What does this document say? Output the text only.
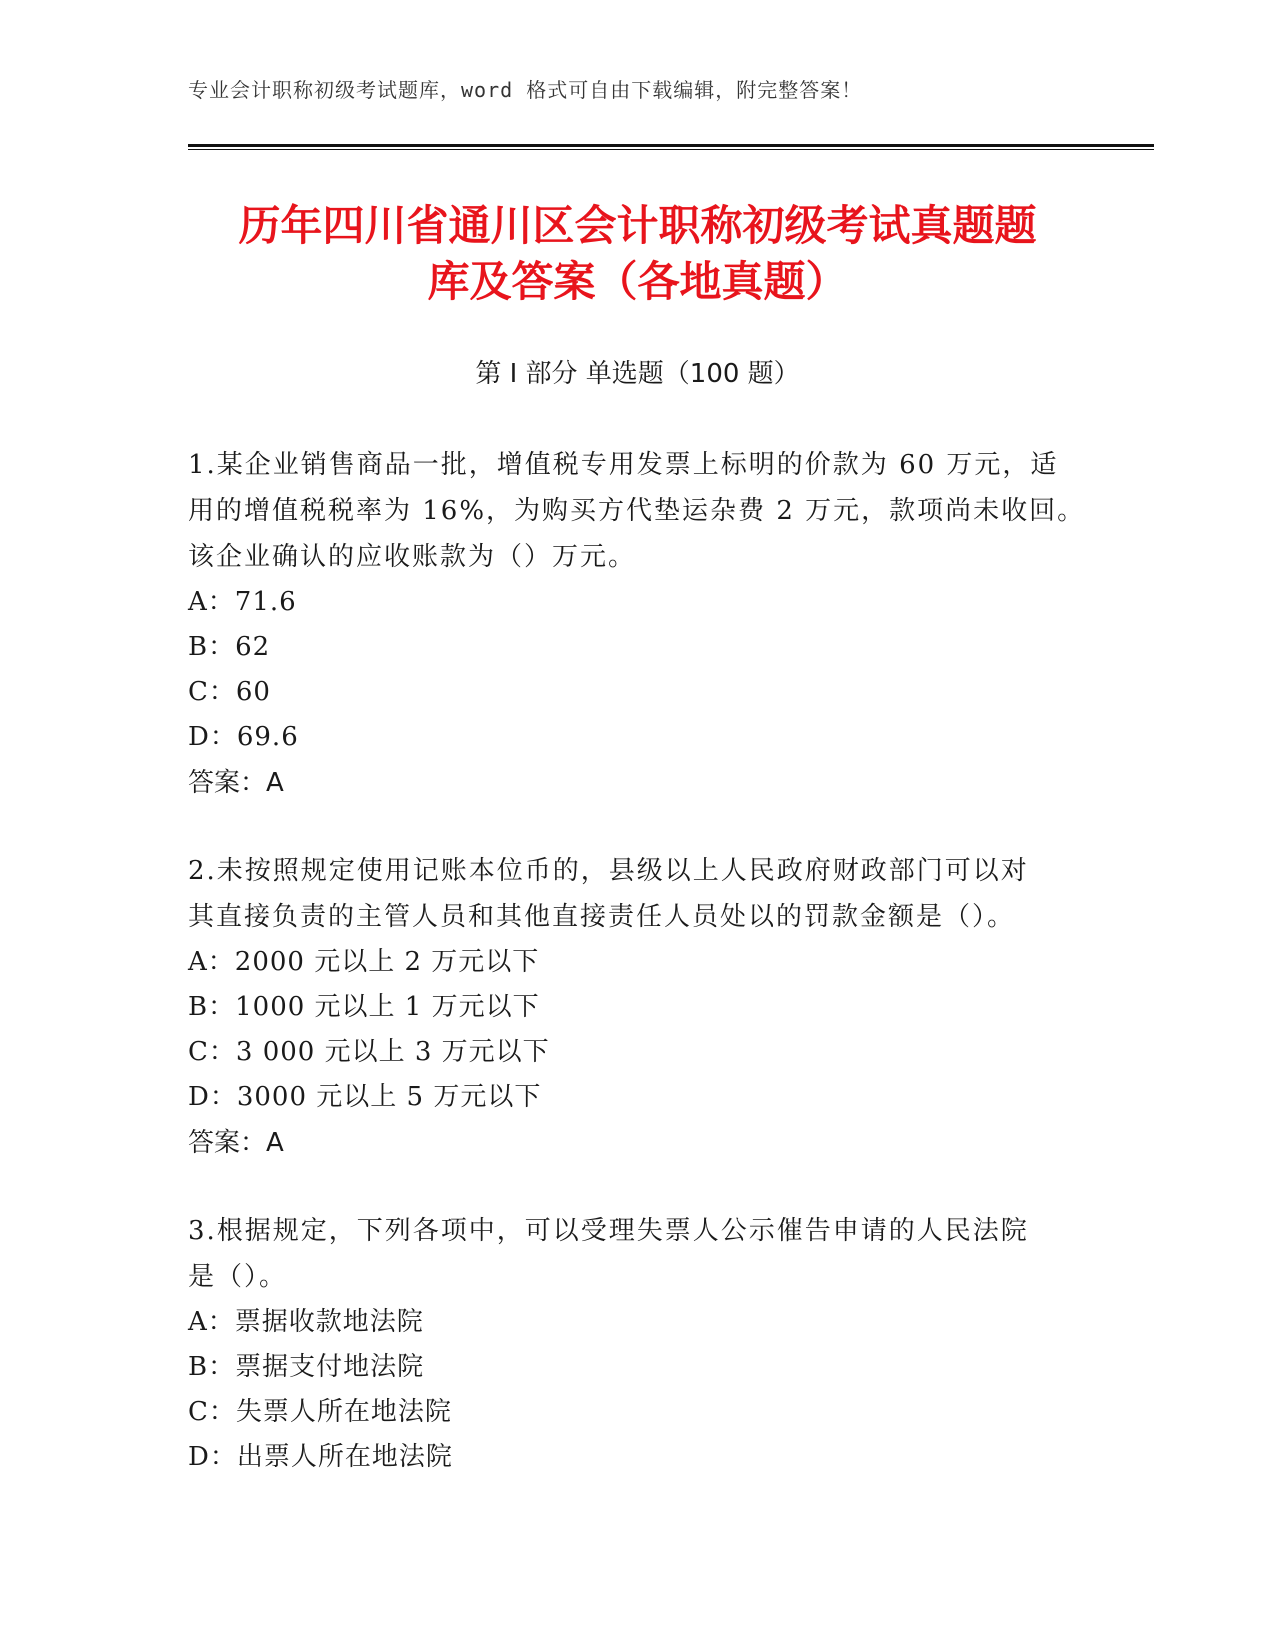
专业会计职称初级考试题库，word 格式可自由下载编辑，附完整答案！
历年四川省通川区会计职称初级考试真题题
库及答案（各地真题）
第 I 部分 单选题（100 题）

1.某企业销售商品一批，增值税专用发票上标明的价款为 60 万元，适
用的增值税税率为 16%，为购买方代垫运杂费 2 万元，款项尚未收回。
该企业确认的应收账款为（）万元。

A：71.6
B：62
C：60
D：69.6
答案：A

2.未按照规定使用记账本位币的，县级以上人民政府财政部门可以对
其直接负责的主管人员和其他直接责任人员处以的罚款金额是（）。

A：2000 元以上 2 万元以下
B：1000 元以上 1 万元以下
C：3 000 元以上 3 万元以下
D：3000 元以上 5 万元以下
答案：A

3.根据规定，下列各项中，可以受理失票人公示催告申请的人民法院
是（）。

A：票据收款地法院
B：票据支付地法院
C：失票人所在地法院
D：出票人所在地法院
